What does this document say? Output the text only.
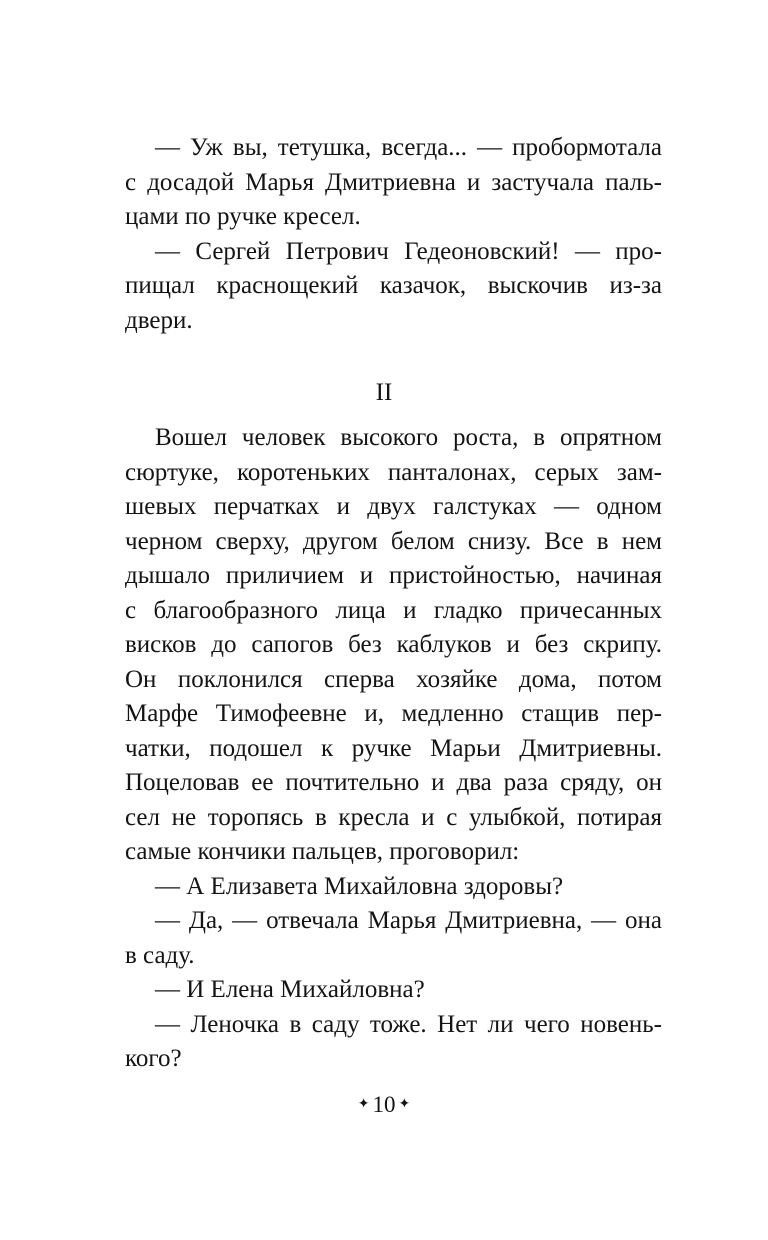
— Уж вы, тетушка, всегда... — пробормотала
с досадой Марья Дмитриевна и застучала паль-
цами по ручке кресел.
— Сергей Петрович Гедеоновский! — про-
пищал краснощекий казачок, выскочив из-за
двери.
II
Вошел человек высокого роста, в опрятном
сюртуке, коротеньких панталонах, серых зам-
шевых перчатках и двух галстуках — одном
черном сверху, другом белом снизу. Все в нем
дышало приличием и пристойностью, начиная
с благообразного лица и гладко причесанных
висков до сапогов без каблуков и без скрипу.
Он поклонился сперва хозяйке дома, потом
Марфе Тимофеевне и, медленно стащив пер-
чатки, подошел к ручке Марьи Дмитриевны.
Поцеловав ее почтительно и два раза сряду, он
сел не торопясь в кресла и с улыбкой, потирая
самые кончики пальцев, проговорил:
— А Елизавета Михайловна здоровы?
— Да, — отвечала Марья Дмитриевна, — она
в саду.
— И Елена Михайловна?
— Леночка в саду тоже. Нет ли чего новень-
кого?
✦ 10 ✦
